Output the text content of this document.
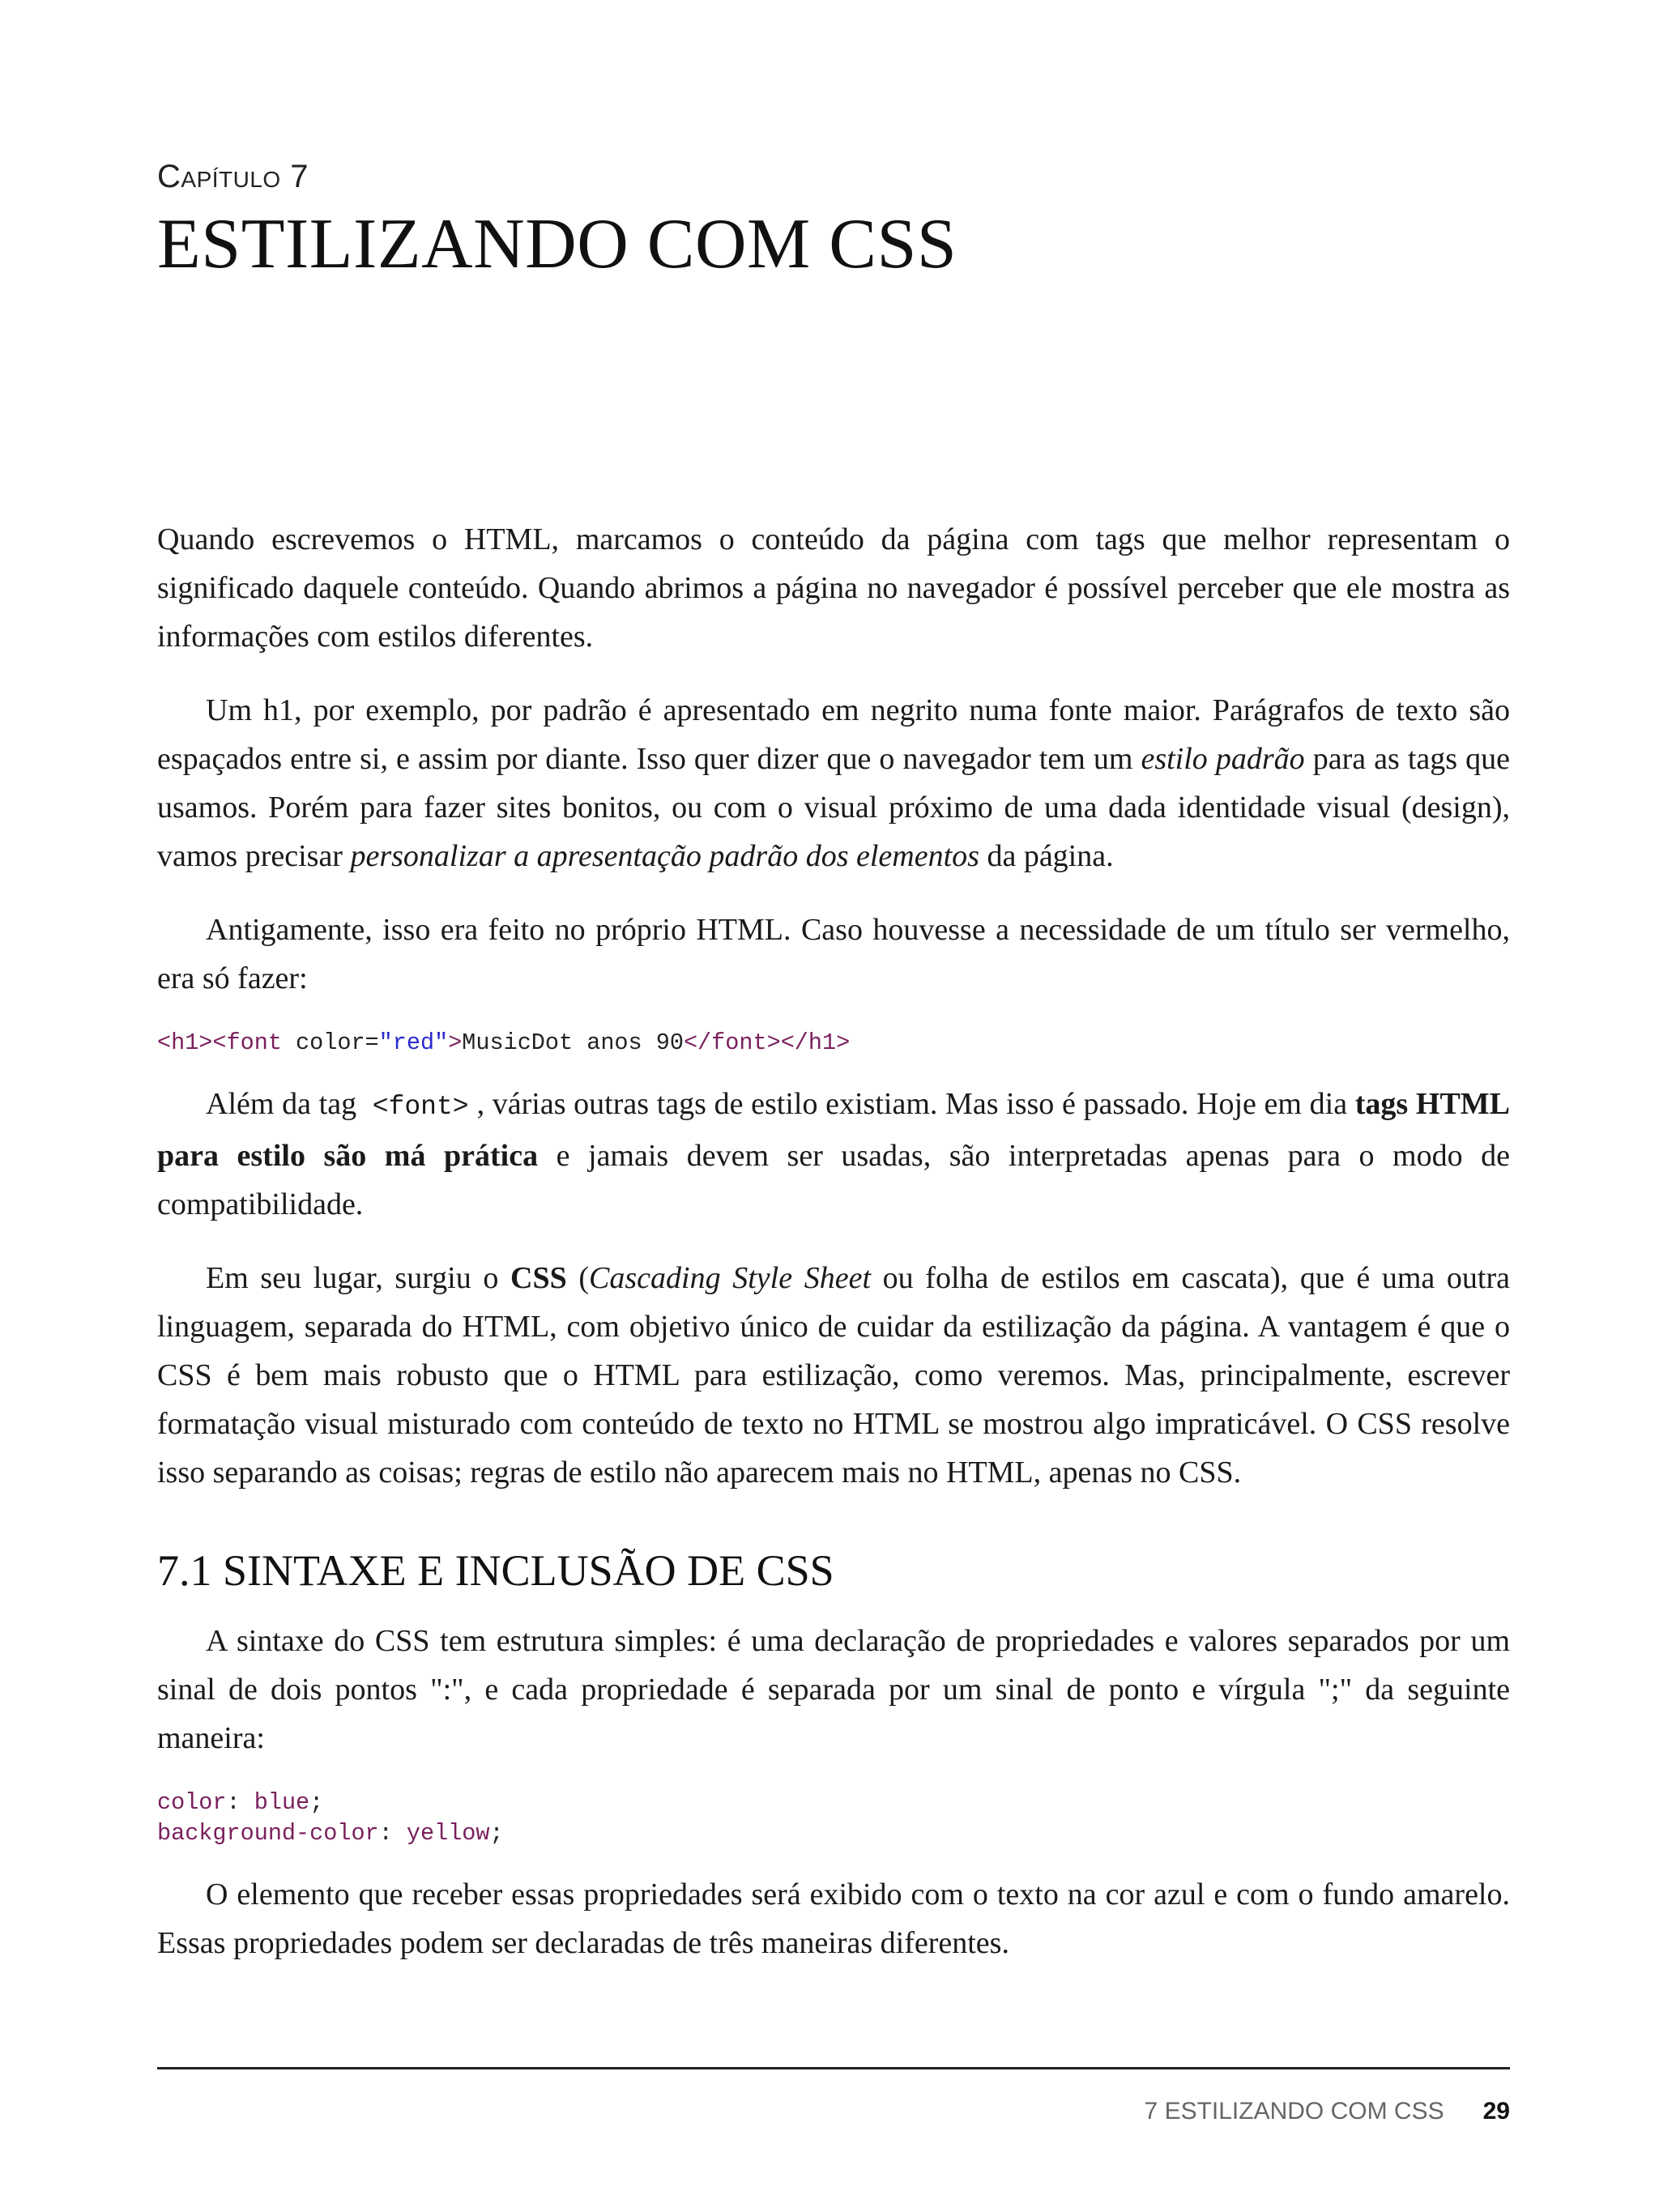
Capítulo 7
ESTILIZANDO COM CSS

Quando escrevemos o HTML, marcamos o conteúdo da página com tags que melhor representam o significado daquele conteúdo. Quando abrimos a página no navegador é possível perceber que ele mostra as informações com estilos diferentes.

Um h1, por exemplo, por padrão é apresentado em negrito numa fonte maior. Parágrafos de texto são espaçados entre si, e assim por diante. Isso quer dizer que o navegador tem um estilo padrão para as tags que usamos. Porém para fazer sites bonitos, ou com o visual próximo de uma dada identidade visual (design), vamos precisar personalizar a apresentação padrão dos elementos da página.

Antigamente, isso era feito no próprio HTML. Caso houvesse a necessidade de um título ser vermelho, era só fazer:

<h1><font color="red">MusicDot anos 90</font></h1>

Além da tag <font> , várias outras tags de estilo existiam. Mas isso é passado. Hoje em dia tags HTML para estilo são má prática e jamais devem ser usadas, são interpretadas apenas para o modo de compatibilidade.

Em seu lugar, surgiu o CSS (Cascading Style Sheet ou folha de estilos em cascata), que é uma outra linguagem, separada do HTML, com objetivo único de cuidar da estilização da página. A vantagem é que o CSS é bem mais robusto que o HTML para estilização, como veremos. Mas, principalmente, escrever formatação visual misturado com conteúdo de texto no HTML se mostrou algo impraticável. O CSS resolve isso separando as coisas; regras de estilo não aparecem mais no HTML, apenas no CSS.

7.1 SINTAXE E INCLUSÃO DE CSS

A sintaxe do CSS tem estrutura simples: é uma declaração de propriedades e valores separados por um sinal de dois pontos ":", e cada propriedade é separada por um sinal de ponto e vírgula ";" da seguinte maneira:

color: blue;
background-color: yellow;

O elemento que receber essas propriedades será exibido com o texto na cor azul e com o fundo amarelo. Essas propriedades podem ser declaradas de três maneiras diferentes.

7 ESTILIZANDO COM CSS 29
